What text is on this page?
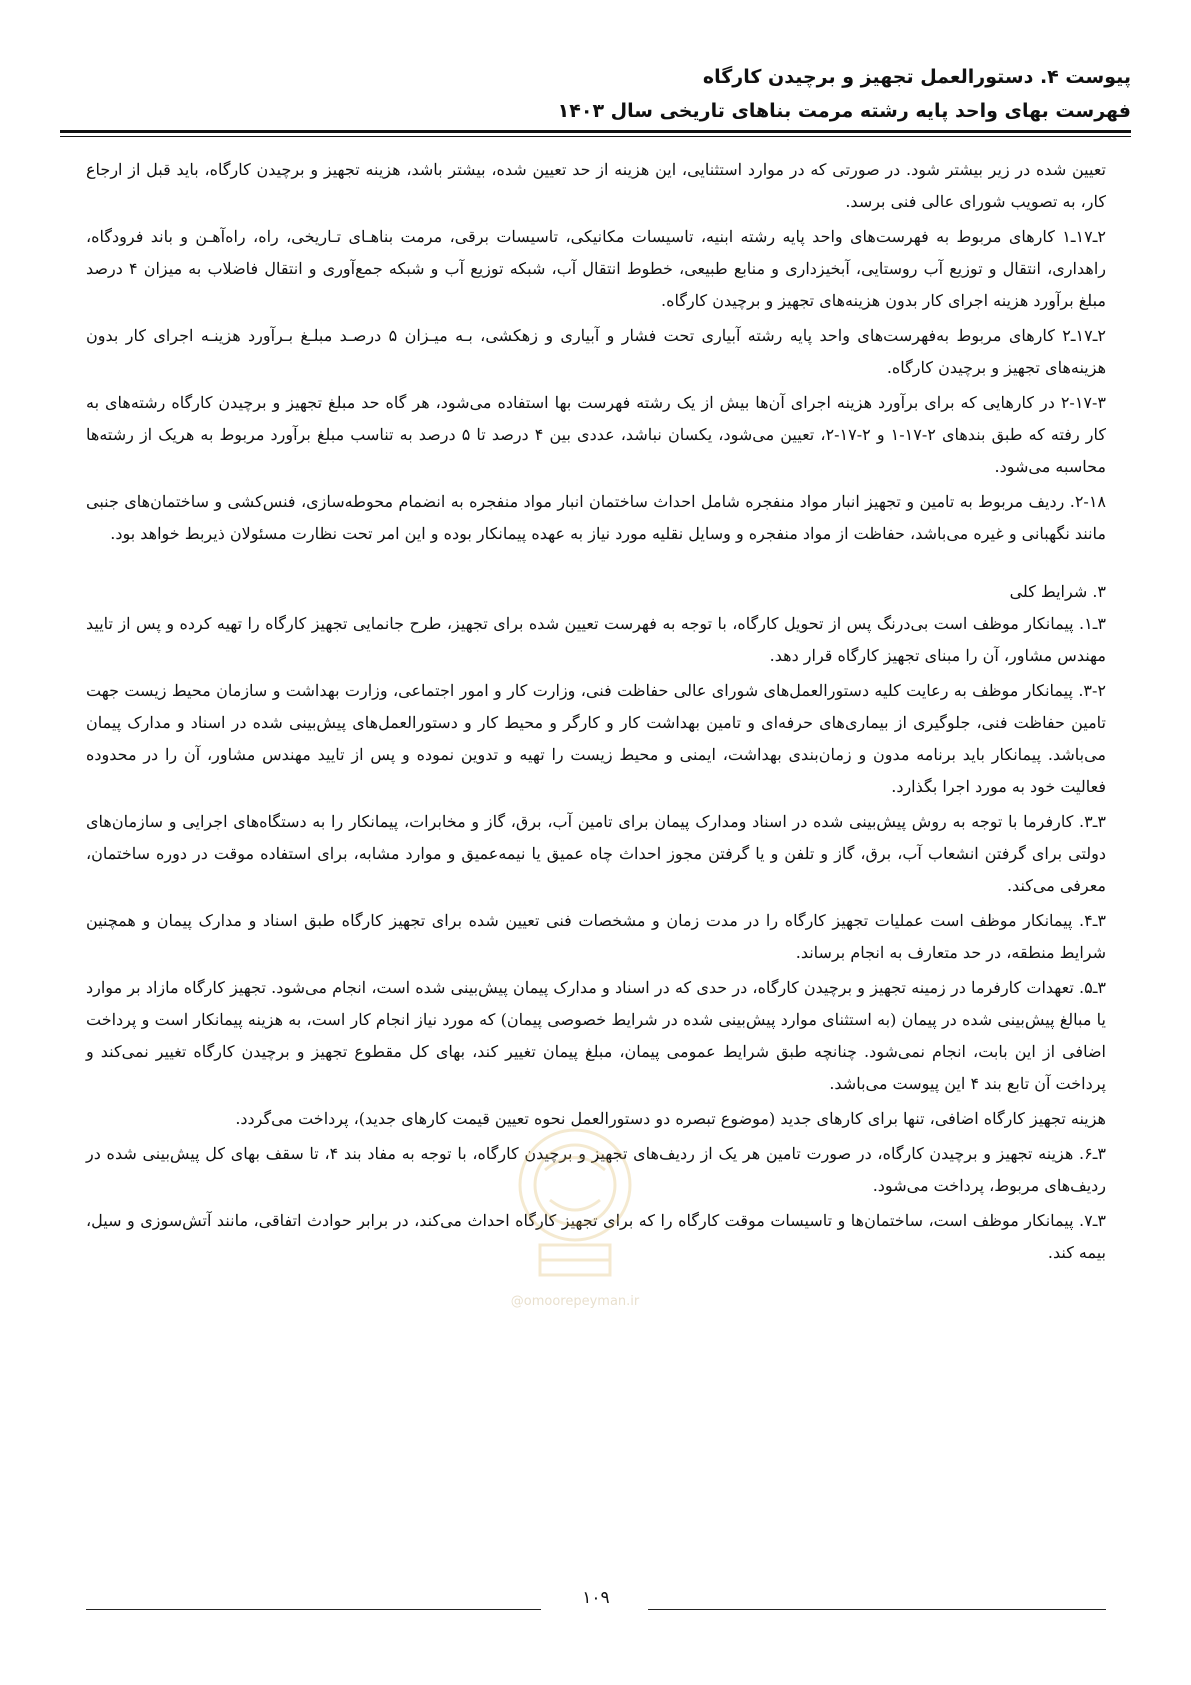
پیوست ۴. دستورالعمل تجهیز و برچیدن کارگاه
فهرست بهای واحد پایه رشته مرمت بناهای تاریخی سال ۱۴۰۳

تعیین شده در زیر بیشتر شود. در صورتی که در موارد استثنایی، این هزینه از حد تعیین شده، بیشتر باشد، هزینه تجهیز و برچیدن کارگاه، باید قبل از ارجاع کار، به تصویب شورای عالی فنی برسد.

۲ـ۱۷ـ۱ کارهای مربوط به فهرست‌های واحد پایه رشته ابنیه، تاسیسات مکانیکی، تاسیسات برقی، مرمت بناهـای تـاریخی، راه، راه‌آهـن و باند فرودگاه، راهداری، انتقال و توزیع آب روستایی، آبخیزداری و منابع طبیعی، خطوط انتقال آب، شبکه توزیع آب و شبکه جمع‌آوری و انتقال فاضلاب به میزان ۴ درصد مبلغ برآورد هزینه اجرای کار بدون هزینه‌های تجهیز و برچیدن کارگاه.

۲ـ۱۷ـ۲ کارهای مربوط به‌فهرست‌های واحد پایه رشته آبیاری تحت فشار و آبیاری و زهکشی، بـه میـزان ۵ درصـد مبلـغ بـرآورد هزینـه اجرای کار بدون هزینه‌های تجهیز و برچیدن کارگاه.

۲-۱۷-۳ در کارهایی که برای برآورد هزینه اجرای آن‌ها بیش از یک رشته فهرست بها استفاده می‌شود، هر گاه حد مبلغ تجهیز و برچیدن کارگاه رشته‌های به کار رفته که طبق بندهای ۲-۱۷-۱ و ۲-۱۷-۲، تعیین می‌شود، یکسان نباشد، عددی بین ۴ درصد تا ۵ درصد به تناسب مبلغ برآورد مربوط به هریک از رشته‌ها محاسبه می‌شود.

۲-۱۸. ردیف مربوط به تامین و تجهیز انبار مواد منفجره شامل احداث ساختمان انبار مواد منفجره به انضمام محوطه‌سازی، فنس‌کشی و ساختمان‌های جنبی مانند نگهبانی و غیره می‌باشد، حفاظت از مواد منفجره و وسایل نقلیه مورد نیاز به عهده پیمانکار بوده و این امر تحت نظارت مسئولان ذیربط خواهد بود.

۳. شرایط کلی

۳ـ۱. پیمانکار موظف است بی‌درنگ پس از تحویل کارگاه، با توجه به فهرست تعیین شده برای تجهیز، طرح جانمایی تجهیز کارگاه را تهیه کرده و پس از تایید مهندس مشاور، آن را مبنای تجهیز کارگاه قرار دهد.

۳-۲. پیمانکار موظف به رعایت کلیه دستورالعمل‌های شورای عالی حفاظت فنی، وزارت کار و امور اجتماعی، وزارت بهداشت و سازمان محیط زیست جهت تامین حفاظت فنی، جلوگیری از بیماری‌های حرفه‌ای و تامین بهداشت کار و کارگر و محیط کار و دستورالعمل‌های پیش‌بینی شده در اسناد و مدارک پیمان می‌باشد. پیمانکار باید برنامه مدون و زمان‌بندی بهداشت، ایمنی و محیط زیست را تهیه و تدوین نموده و پس از تایید مهندس مشاور، آن را در محدوده فعالیت خود به مورد اجرا بگذارد.

۳ـ۳. کارفرما با توجه به روش پیش‌بینی شده در اسناد ومدارک پیمان برای تامین آب، برق، گاز و مخابرات، پیمانکار را به دستگاه‌های اجرایی و سازمان‌های دولتی برای گرفتن انشعاب آب، برق، گاز و تلفن و یا گرفتن مجوز احداث چاه عمیق یا نیمه‌عمیق و موارد مشابه، برای استفاده موقت در دوره ساختمان، معرفی می‌کند.

۳ـ۴. پیمانکار موظف است عملیات تجهیز کارگاه را در مدت زمان و مشخصات فنی تعیین شده برای تجهیز کارگاه طبق اسناد و مدارک پیمان و همچنین شرایط منطقه، در حد متعارف به انجام برساند.

۳ـ۵. تعهدات کارفرما در زمینه تجهیز و برچیدن کارگاه، در حدی که در اسناد و مدارک پیمان پیش‌بینی شده است، انجام می‌شود. تجهیز کارگاه مازاد بر موارد یا مبالغ پیش‌بینی شده در پیمان (به استثنای موارد پیش‌بینی شده در شرایط خصوصی پیمان) که مورد نیاز انجام کار است، به هزینه پیمانکار است و پرداخت اضافی از این بابت، انجام نمی‌شود. چنانچه طبق شرایط عمومی پیمان، مبلغ پیمان تغییر کند، بهای کل مقطوع تجهیز و برچیدن کارگاه تغییر نمی‌کند و پرداخت آن تابع بند ۴ این پیوست می‌باشد.

هزینه تجهیز کارگاه اضافی، تنها برای کارهای جدید (موضوع تبصره دو دستورالعمل نحوه تعیین قیمت کارهای جدید)، پرداخت می‌گردد.

۳ـ۶. هزینه تجهیز و برچیدن کارگاه، در صورت تامین هر یک از ردیف‌های تجهیز و برچیدن کارگاه، با توجه به مفاد بند ۴، تا سقف بهای کل پیش‌بینی شده در ردیف‌های مربوط، پرداخت می‌شود.

۳ـ۷. پیمانکار موظف است، ساختمان‌ها و تاسیسات موقت کارگاه را که برای تجهیز کارگاه احداث می‌کند، در برابر حوادث اتفاقی، مانند آتش‌سوزی و سیل، بیمه کند.

@omoorepeyman.ir
۱۰۹
